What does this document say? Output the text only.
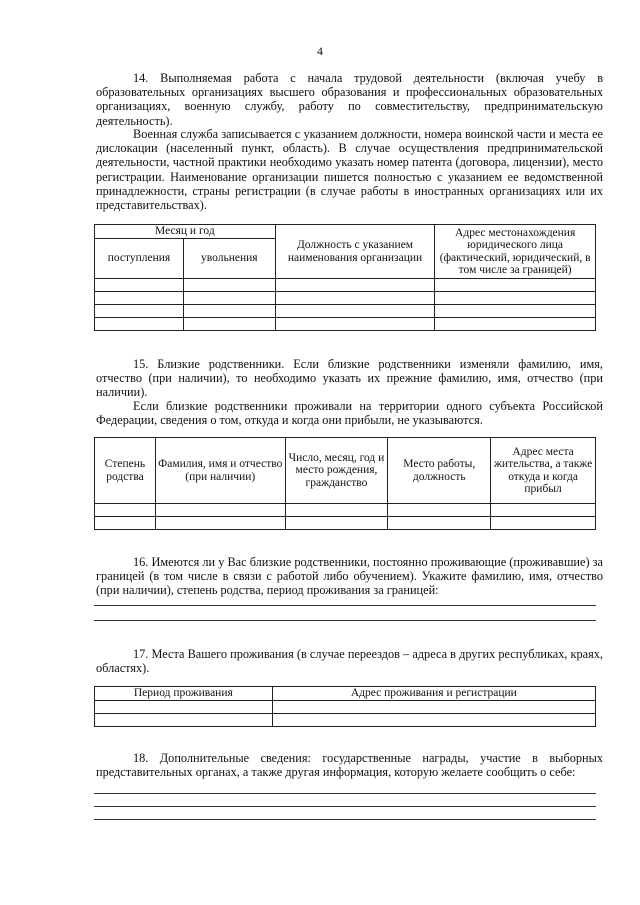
4

14. Выполняемая работа с начала трудовой деятельности (включая учебу в образовательных организациях высшего образования и профессиональных образовательных организациях, военную службу, работу по совместительству, предпринимательскую деятельность).

Военная служба записывается с указанием должности, номера воинской части и места ее дислокации (населенный пункт, область). В случае осуществления предпринимательской деятельности, частной практики необходимо указать номер патента (договора, лицензии), место регистрации. Наименование организации пишется полностью с указанием ее ведомственной принадлежности, страны регистрации (в случае работы в иностранных организациях или их представительствах).

Месяц и год		Должность с указанием наименования организации	Адрес местонахождения юридического лица (фактический, юридический, в том числе за границей)
поступления	увольнения		

15. Близкие родственники. Если близкие родственники изменяли фамилию, имя, отчество (при наличии), то необходимо указать их прежние фамилию, имя, отчество (при наличии).

Если близкие родственники проживали на территории одного субъекта Российской Федерации, сведения о том, откуда и когда они прибыли, не указываются.

Степень родства	Фамилия, имя и отчество (при наличии)	Число, месяц, год и место рождения, гражданство	Место работы, должность	Адрес места жительства, а также откуда и когда прибыл

16. Имеются ли у Вас близкие родственники, постоянно проживающие (проживавшие) за границей (в том числе в связи с работой либо обучением). Укажите фамилию, имя, отчество (при наличии), степень родства, период проживания за границей:

17. Места Вашего проживания (в случае переездов – адреса в других республиках, краях, областях).

Период проживания	Адрес проживания и регистрации

18. Дополнительные сведения: государственные награды, участие в выборных представительных органах, а также другая информация, которую желаете сообщить о себе:
